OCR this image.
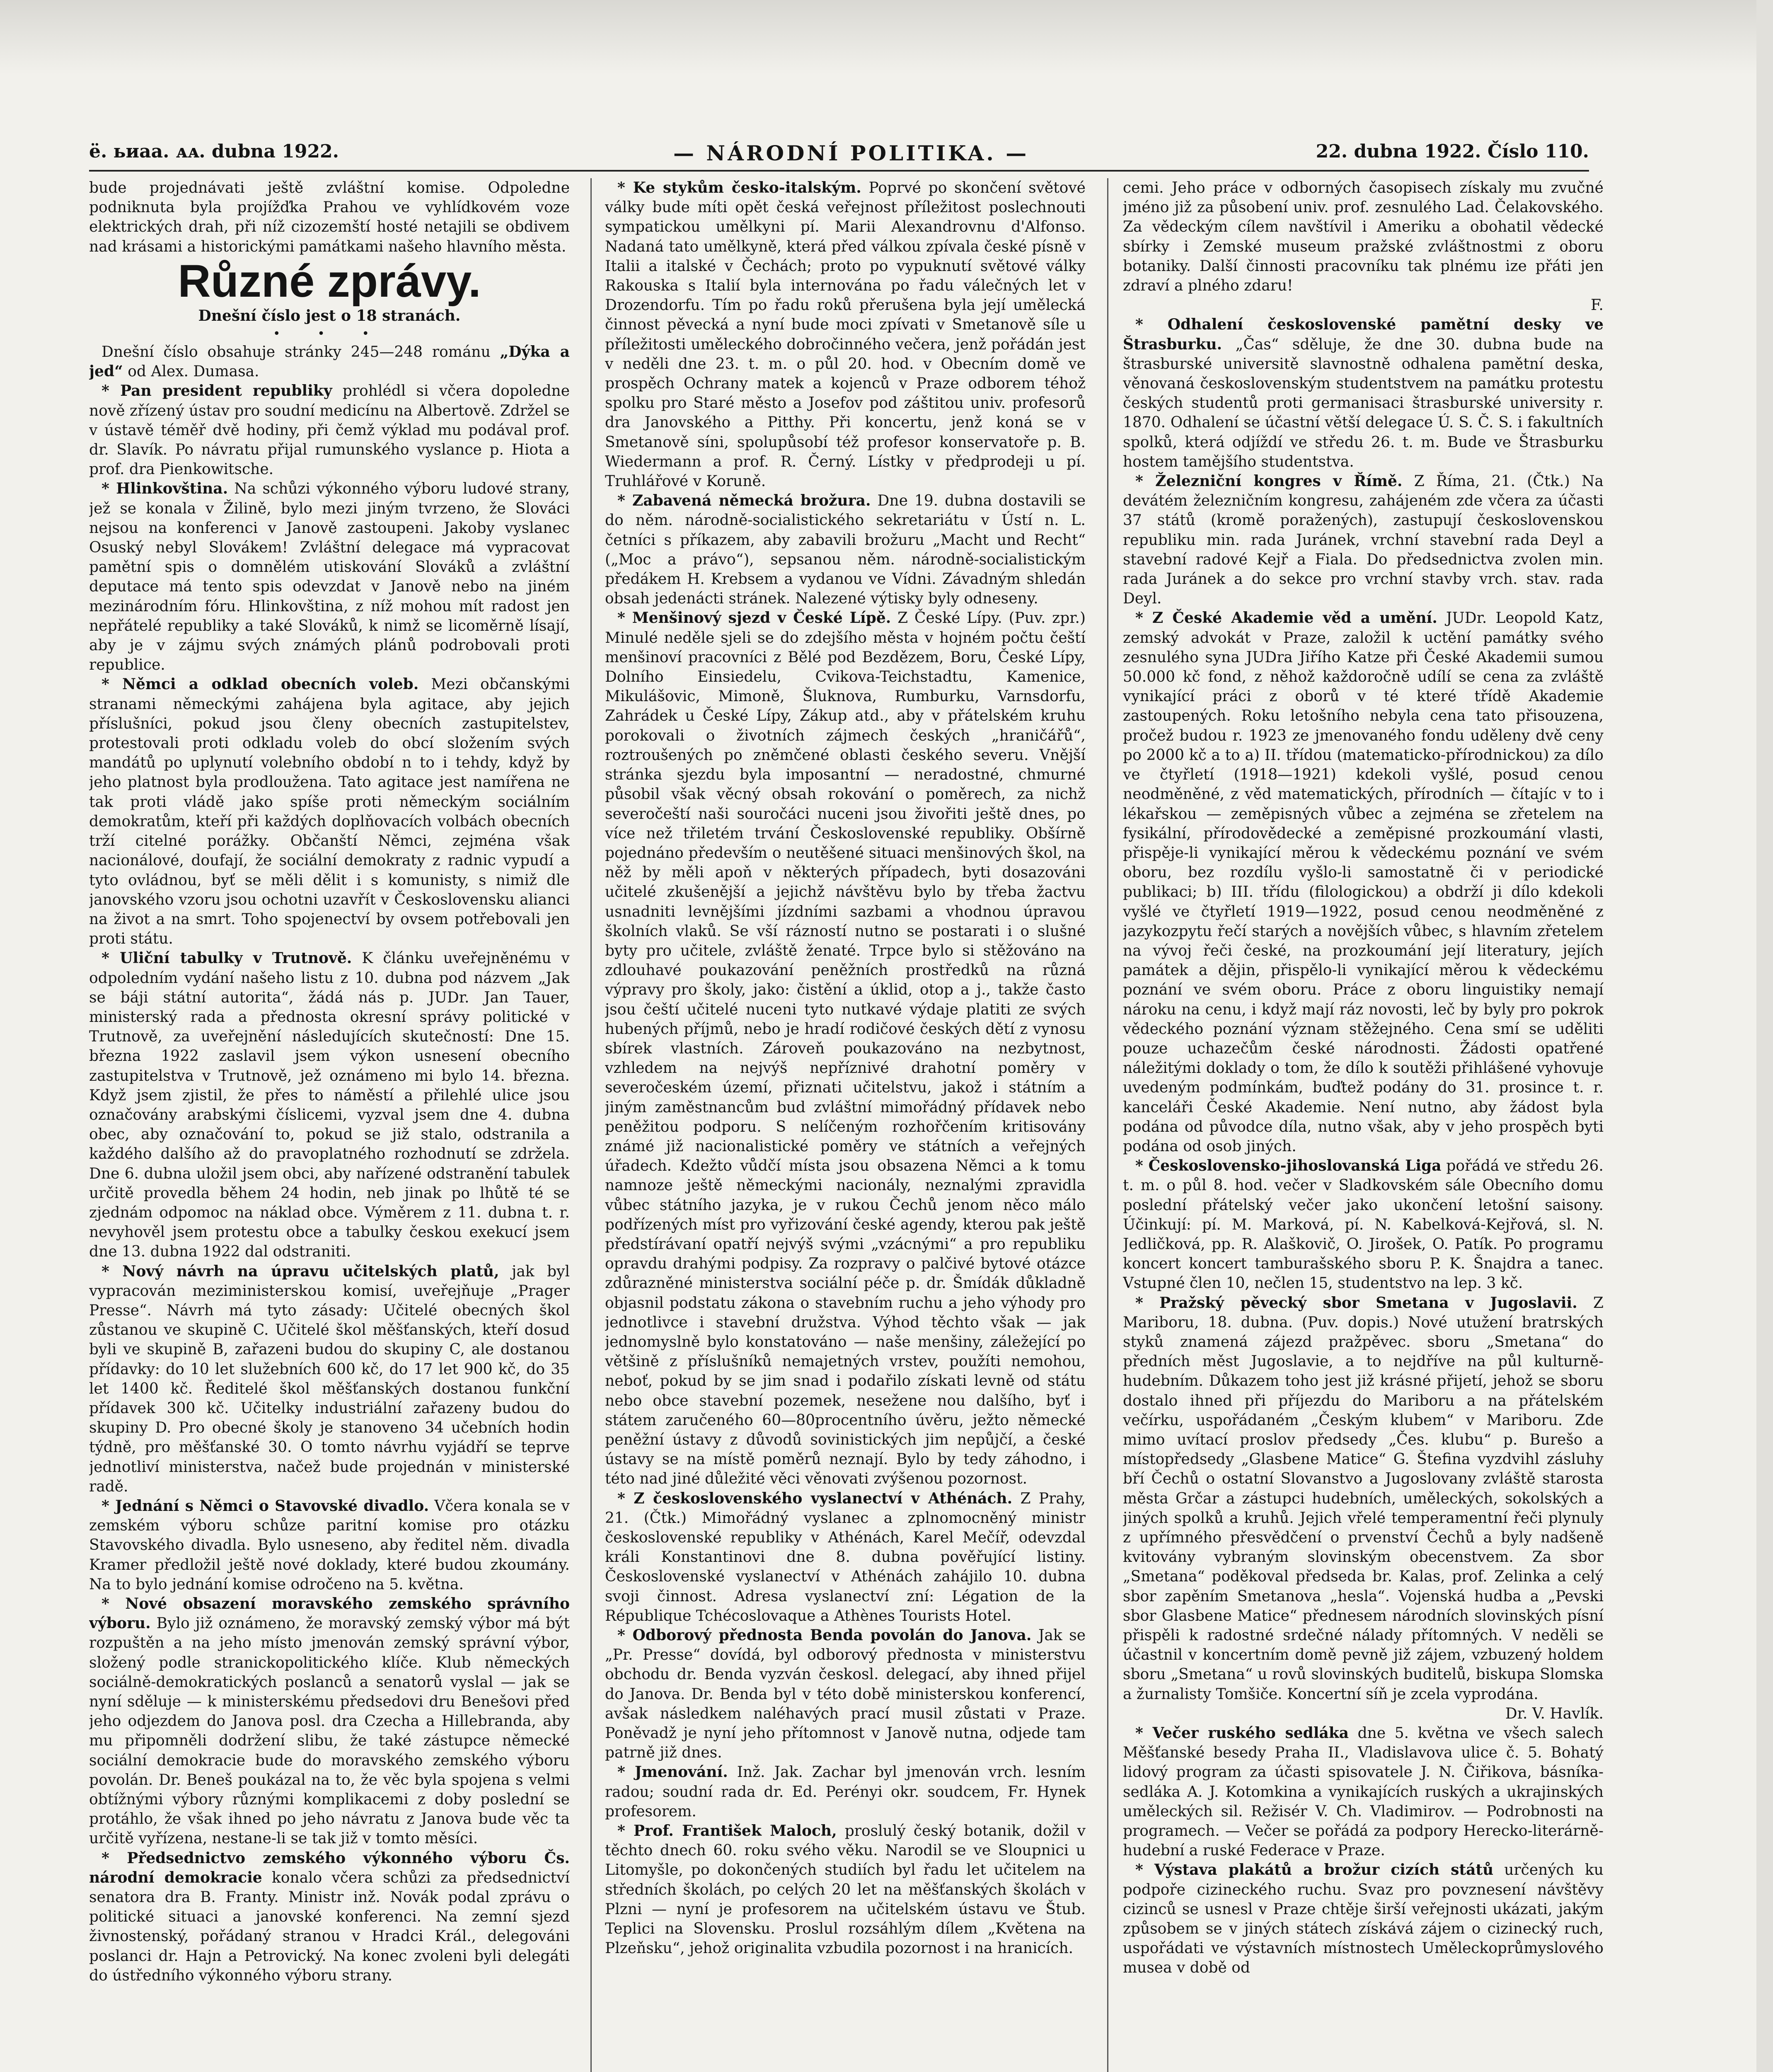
ё. ьиаа. ᴀᴀ. dubna 1922.	— NÁRODNÍ POLITIKA. —	22. dubna 1922. Číslo 110.

bude projednávati ještě zvláštní komise. Odpoledne podniknuta byla projížďka Prahou ve vyhlídkovém voze elektrických drah, při níž cizozemští hosté netajili se obdivem nad krásami a historickými památkami našeho hlavního města.

Různé zprávy.

Dnešní číslo jest o 18 stranách.

• • •

Dnešní číslo obsahuje stránky 245—248 románu „Dýka a jed“ od Alex. Dumasa.

* Pan president republiky prohlédl si včera dopoledne nově zřízený ústav pro soudní medicínu na Albertově. Zdržel se v ústavě téměř dvě hodiny, při čemž výklad mu podával prof. dr. Slavík. Po návratu přijal rumunského vyslance p. Hiota a prof. dra Pienkowitsche.

* Hlinkovština. Na schůzi výkonného výboru ludové strany, jež se konala v Žilině, bylo mezi jiným tvrzeno, že Slováci nejsou na konferenci v Janově zastoupeni. Jakoby vyslanec Osuský nebyl Slovákem! Zvláštní delegace má vypracovat pamětní spis o domnělém utiskování Slováků a zvláštní deputace má tento spis odevzdat v Janově nebo na jiném mezinárodním fóru. Hlinkovština, z níž mohou mít radost jen nepřátelé republiky a také Slováků, k nimž se licoměrně lísají, aby je v zájmu svých známých plánů podrobovali proti republice.

* Němci a odklad obecních voleb. Mezi občanskými stranami německými zahájena byla agitace, aby jejich příslušníci, pokud jsou členy obecních zastupitelstev, protestovali proti odkladu voleb do obcí složením svých mandátů po uplynutí volebního období n to i tehdy, když by jeho platnost byla prodloužena. Tato agitace jest namířena ne tak proti vládě jako spíše proti německým sociálním demokratům, kteří při každých doplňovacích volbách obecních trží citelné porážky. Občanští Němci, zejména však nacionálové, doufají, že sociální demokraty z radnic vypudí a tyto ovládnou, byť se měli dělit i s komunisty, s nimiž dle janovského vzoru jsou ochotni uzavřít v Československu alianci na život a na smrt. Toho spojenectví by ovsem potřebovali jen proti státu.

* Uliční tabulky v Trutnově. K článku uveřejněnému v odpoledním vydání našeho listu z 10. dubna pod názvem „Jak se báji státní autorita“, žádá nás p. JUDr. Jan Tauer, ministerský rada a přednosta okresní správy politické v Trutnově, za uveřejnění následujících skutečností: Dne 15. března 1922 zaslavil jsem výkon usnesení obecního zastupitelstva v Trutnově, jež oznámeno mi bylo 14. března. Když jsem zjistil, že přes to náměstí a přilehlé ulice jsou označovány arabskými číslicemi, vyzval jsem dne 4. dubna obec, aby označování to, pokud se již stalo, odstranila a každého dalšího až do pravoplatného rozhodnutí se zdržela. Dne 6. dubna uložil jsem obci, aby nařízené odstranění tabulek určitě provedla během 24 hodin, neb jinak po lhůtě té se zjednám odpomoc na náklad obce. Výměrem z 11. dubna t. r. nevyhověl jsem protestu obce a tabulky českou exekucí jsem dne 13. dubna 1922 dal odstraniti.

* Nový návrh na úpravu učitelských platů, jak byl vypracován meziministerskou komisí, uveřejňuje „Prager Presse“. Návrh má tyto zásady: Učitelé obecných škol zůstanou ve skupině C. Učitelé škol měšťanských, kteří dosud byli ve skupině B, zařazeni budou do skupiny C, ale dostanou přídavky: do 10 let služebních 600 kč, do 17 let 900 kč, do 35 let 1400 kč. Ředitelé škol měšťanských dostanou funkční přídavek 300 kč. Učitelky industriální zařazeny budou do skupiny D. Pro obecné školy je stanoveno 34 učebních hodin týdně, pro měšťanské 30. O tomto návrhu vyjádří se teprve jednotliví ministerstva, načež bude projednán v ministerské radě.

* Jednání s Němci o Stavovské divadlo. Včera konala se v zemském výboru schůze paritní komise pro otázku Stavovského divadla. Bylo usneseno, aby ředitel něm. divadla Kramer předložil ještě nové doklady, které budou zkoumány. Na to bylo jednání komise odročeno na 5. května.

* Nové obsazení moravského zemského správního výboru. Bylo již oznámeno, že moravský zemský výbor má být rozpuštěn a na jeho místo jmenován zemský správní výbor, složený podle stranickopolitického klíče. Klub německých sociálně-demokratických poslanců a senatorů vyslal — jak se nyní sděluje — k ministerskému předsedovi dru Benešovi před jeho odjezdem do Janova posl. dra Czecha a Hillebranda, aby mu připomněli dodržení slibu, že také zástupce německé sociální demokracie bude do moravského zemského výboru povolán. Dr. Beneš poukázal na to, že věc byla spojena s velmi obtížnými výbory různými komplikacemi z doby poslední se protáhlo, že však ihned po jeho návratu z Janova bude věc ta určitě vyřízena, nestane-li se tak již v tomto měsíci.

* Předsednictvo zemského výkonného výboru Čs. národní demokracie konalo včera schůzi za předsednictví senatora dra B. Franty. Ministr inž. Novák podal zprávu o politické situaci a janovské konferenci. Na zemní sjezd živnostenský, pořádaný stranou v Hradci Král., delegováni poslanci dr. Hajn a Petrovický. Na konec zvoleni byli delegáti do ústředního výkonného výboru strany.

* Ke stykům česko-italským. Poprvé po skončení světové války bude míti opět česká veřejnost příležitost poslechnouti sympatickou umělkyni pí. Marii Alexandrovnu d'Alfonso. Nadaná tato umělkyně, která před válkou zpívala české písně v Italii a italské v Čechách; proto po vypuknutí světové války Rakouska s Italií byla internována po řadu válečných let v Drozendorfu. Tím po řadu roků přerušena byla její umělecká činnost pěvecká a nyní bude moci zpívati v Smetanově síle u příležitosti uměleckého dobročinného večera, jenž pořádán jest v neděli dne 23. t. m. o půl 20. hod. v Obecním domě ve prospěch Ochrany matek a kojenců v Praze odborem téhož spolku pro Staré město a Josefov pod záštitou univ. profesorů dra Janovského a Pitthy. Při koncertu, jenž koná se v Smetanově síni, spolupůsobí též profesor konservatoře p. B. Wiedermann a prof. R. Černý. Lístky v předprodeji u pí. Truhlářové v Koruně.

* Zabavená německá brožura. Dne 19. dubna dostavili se do něm. národně-socialistického sekretariátu v Ústí n. L. četníci s příkazem, aby zabavili brožuru „Macht und Recht“ („Moc a právo“), sepsanou něm. národně-socialistickým předákem H. Krebsem a vydanou ve Vídni. Závadným shledán obsah jedenácti stránek. Nalezené výtisky byly odneseny.

* Menšinový sjezd v České Lípě. Z České Lípy. (Puv. zpr.) Minulé neděle sjeli se do zdejšího města v hojném počtu čeští menšinoví pracovníci z Bělé pod Bezdězem, Boru, České Lípy, Dolního Einsiedelu, Cvikova-Teichstadtu, Kamenice, Mikulášovic, Mimoně, Šluknova, Rumburku, Varnsdorfu, Zahrádek u České Lípy, Zákup atd., aby v přátelském kruhu porokovali o životních zájmech českých „hraničářů“, roztroušených po zněmčené oblasti českého severu. Vnější stránka sjezdu byla imposantní — neradostné, chmurné působil však věcný obsah rokování o poměrech, za nichž severočeští naši souročáci nuceni jsou živořiti ještě dnes, po více než třiletém trvání Československé republiky. Obšírně pojednáno především o neutěšené situaci menšinových škol, na něž by měli apoň v některých případech, byti dosazováni učitelé zkušenější a jejichž návštěvu bylo by třeba žactvu usnadniti levnějšími jízdními sazbami a vhodnou úpravou školních vlaků. Se vší rázností nutno se postarati i o slušné byty pro učitele, zvláště ženaté. Trpce bylo si stěžováno na zdlouhavé poukazování peněžních prostředků na různá výpravy pro školy, jako: čistění a úklid, otop a j., takže často jsou čeští učitelé nuceni tyto nutkavé výdaje platiti ze svých hubených příjmů, nebo je hradí rodičové českých dětí z vynosu sbírek vlastních. Zároveň poukazováno na nezbytnost, vzhledem na nejvýš nepříznivé drahotní poměry v severočeském území, přiznati učitelstvu, jakož i státním a jiným zaměstnancům bud zvláštní mimořádný přídavek nebo peněžitou podporu. S nelíčeným rozhořčením kritisovány známé již nacionalistické poměry ve státních a veřejných úřadech. Kdežto vůdčí místa jsou obsazena Němci a k tomu namnoze ještě německými nacionály, neznalými zpravidla vůbec státního jazyka, je v rukou Čechů jenom něco málo podřízených míst pro vyřizování české agendy, kterou pak ještě předstírávaní opatří nejvýš svými „vzácnými“ a pro republiku opravdu drahými podpisy. Za rozpravy o palčivé bytové otázce zdůrazněné ministerstva sociální péče p. dr. Šmídák důkladně objasnil podstatu zákona o stavebním ruchu a jeho výhody pro jednotlivce i stavební družstva. Výhod těchto však — jak jednomyslně bylo konstatováno — naše menšiny, záležející po většině z příslušníků nemajetných vrstev, použíti nemohou, neboť, pokud by se jim snad i podařilo získati levně od státu nebo obce stavební pozemek, nesežene nou dalšího, byť i státem zaručeného 60—80procentního úvěru, ježto německé peněžní ústavy z důvodů sovinistických jim nepůjčí, a české ústavy se na místě poměrů neznají. Bylo by tedy záhodno, i této nad jiné důležité věci věnovati zvýšenou pozornost.

* Z československého vyslanectví v Athénách. Z Prahy, 21. (Čtk.) Mimořádný vyslanec a zplnomocněný ministr československé republiky v Athénách, Karel Mečíř, odevzdal králi Konstantinovi dne 8. dubna pověřující listiny. Československé vyslanectví v Athénách zahájilo 10. dubna svoji činnost. Adresa vyslanectví zní: Légation de la République Tchécoslovaque a Athènes Tourists Hotel.

* Odborový přednosta Benda povolán do Janova. Jak se „Pr. Presse“ dovídá, byl odborový přednosta v ministerstvu obchodu dr. Benda vyzván českosl. delegací, aby ihned přijel do Janova. Dr. Benda byl v této době ministerskou konferencí, avšak následkem naléhavých prací musil zůstati v Praze. Poněvadž je nyní jeho přítomnost v Janově nutna, odjede tam patrně již dnes.

* Jmenování. Inž. Jak. Zachar byl jmenován vrch. lesním radou; soudní rada dr. Ed. Perényi okr. soudcem, Fr. Hynek profesorem.

* Prof. František Maloch, proslulý český botanik, dožil v těchto dnech 60. roku svého věku. Narodil se ve Sloupnici u Litomyšle, po dokončených studiích byl řadu let učitelem na středních školách, po celých 20 let na měšťanských školách v Plzni — nyní je profesorem na učitelském ústavu ve Štub. Teplici na Slovensku. Proslul rozsáhlým dílem „Květena na Plzeňsku“, jehož originalita vzbudila pozornost i na hranicích.

cemi. Jeho práce v odborných časopisech získaly mu zvučné jméno již za působení univ. prof. zesnulého Lad. Čelakovského. Za vědeckým cílem navštívil i Ameriku a obohatil vědecké sbírky i Zemské museum pražské zvláštnostmi z oboru botaniky. Další činnosti pracovníku tak plnému ize přáti jen zdraví a plného zdaru!

F.

* Odhalení československé pamětní desky ve Štrasburku. „Čas“ sděluje, že dne 30. dubna bude na štrasburské universitě slavnostně odhalena pamětní deska, věnovaná československým studentstvem na památku protestu českých studentů proti germanisaci štrasburské university r. 1870. Odhalení se účastní větší delegace Ú. S. Č. S. i fakultních spolků, která odjíždí ve středu 26. t. m. Bude ve Štrasburku hostem tamějšího studentstva.

* Železniční kongres v Římě. Z Říma, 21. (Čtk.) Na devátém železničním kongresu, zahájeném zde včera za účasti 37 států (kromě poražených), zastupují československou republiku min. rada Juránek, vrchní stavební rada Deyl a stavební radové Kejř a Fiala. Do předsednictva zvolen min. rada Juránek a do sekce pro vrchní stavby vrch. stav. rada Deyl.

* Z České Akademie věd a umění. JUDr. Leopold Katz, zemský advokát v Praze, založil k uctění památky svého zesnulého syna JUDra Jiřího Katze při České Akademii sumou 50.000 kč fond, z něhož každoročně udílí se cena za zvláště vynikající práci z oborů v té které třídě Akademie zastoupených. Roku letošního nebyla cena tato přisouzena, pročež budou r. 1923 ze jmenovaného fondu uděleny dvě ceny po 2000 kč a to a) II. třídou (matematicko-přírodnickou) za dílo ve čtyřletí (1918—1921) kdekoli vyšlé, posud cenou neodměněné, z věd matematických, přírodních — čítajíc v to i lékařskou — zeměpisných vůbec a zejména se zřetelem na fysikální, přírodovědecké a zeměpisné prozkoumání vlasti, přispěje-li vynikající měrou k vědeckému poznání ve svém oboru, bez rozdílu vyšlo-li samostatně či v periodické publikaci; b) III. třídu (filologickou) a obdrží ji dílo kdekoli vyšlé ve čtyřletí 1919—1922, posud cenou neodměněné z jazykozpytu řečí starých a novějších vůbec, s hlavním zřetelem na vývoj řeči české, na prozkoumání její literatury, jejích památek a dějin, přispělo-li vynikající měrou k vědeckému poznání ve svém oboru. Práce z oboru linguistiky nemají nároku na cenu, i když mají ráz novosti, leč by byly pro pokrok vědeckého poznání význam stěžejného. Cena smí se uděliti pouze uchazečům české národnosti. Žádosti opatřené náležitými doklady o tom, že dílo k soutěži přihlášené vyhovuje uvedeným podmínkám, buďtež podány do 31. prosince t. r. kanceláři České Akademie. Není nutno, aby žádost byla podána od původce díla, nutno však, aby v jeho prospěch byti podána od osob jiných.

* Československo-jihoslovanská Liga pořádá ve středu 26. t. m. o půl 8. hod. večer v Sladkovském sále Obecního domu poslední přátelský večer jako ukončení letošní saisony. Účinkují: pí. M. Marková, pí. N. Kabelková-Kejřová, sl. N. Jedličková, pp. R. Alaškovič, O. Jirošek, O. Patík. Po programu koncert koncert tamburašského sboru P. K. Šnajdra a tanec. Vstupné člen 10, nečlen 15, studentstvo na lep. 3 kč.

* Pražský pěvecký sbor Smetana v Jugoslavii. Z Mariboru, 18. dubna. (Puv. dopis.) Nové utužení bratrských styků znamená zájezd pražpěvec. sboru „Smetana“ do předních měst Jugoslavie, a to nejdříve na půl kulturně-hudebním. Důkazem toho jest již krásné přijetí, jehož se sboru dostalo ihned při příjezdu do Mariboru a na přátelském večírku, uspořádaném „Českým klubem“ v Mariboru. Zde mimo uvítací proslov předsedy „Čes. klubu“ p. Burešo a místopředsedy „Glasbene Matice“ G. Štefina vyzdvihl zásluhy bří Čechů o ostatní Slovanstvo a Jugoslovany zvláště starosta města Grčar a zástupci hudebních, uměleckých, sokolských a jiných spolků a kruhů. Jejich vřelé temperamentní řeči plynuly z upřímného přesvědčení o prvenství Čechů a byly nadšeně kvitovány vybraným slovinským obecenstvem. Za sbor „Smetana“ poděkoval předseda br. Kalas, prof. Zelinka a celý sbor zapěním Smetanova „hesla“. Vojenská hudba a „Pevski sbor Glasbene Matice“ přednesem národních slovinských písní přispěli k radostné srdečné nálady přítomných. V neděli se účastnil v koncertním domě pevně již zájem, vzbuzený holdem sboru „Smetana“ u rovů slovinských buditelů, biskupa Slomska a žurnalisty Tomšiče. Koncertní síň je zcela vyprodána.

Dr. V. Havlík.

* Večer ruského sedláka dne 5. května ve všech salech Měšťanské besedy Praha II., Vladislavova ulice č. 5. Bohatý lidový program za účasti spisovatele J. N. Čiřikova, básníka-sedláka A. J. Kotomkina a vynikajících ruských a ukrajinských uměleckých sil. Režisér V. Ch. Vladimirov. — Podrobnosti na programech. — Večer se pořádá za podpory Herecko-literárně-hudební a ruské Federace v Praze.

* Výstava plakátů a brožur cizích států určených ku podpoře cizineckého ruchu. Svaz pro povznesení návštěvy cizinců se usnesl v Praze chtěje širší veřejnosti ukázati, jakým způsobem se v jiných státech získává zájem o cizinecký ruch, uspořádati ve výstavních místnostech Uměleckoprůmyslového musea v době od
